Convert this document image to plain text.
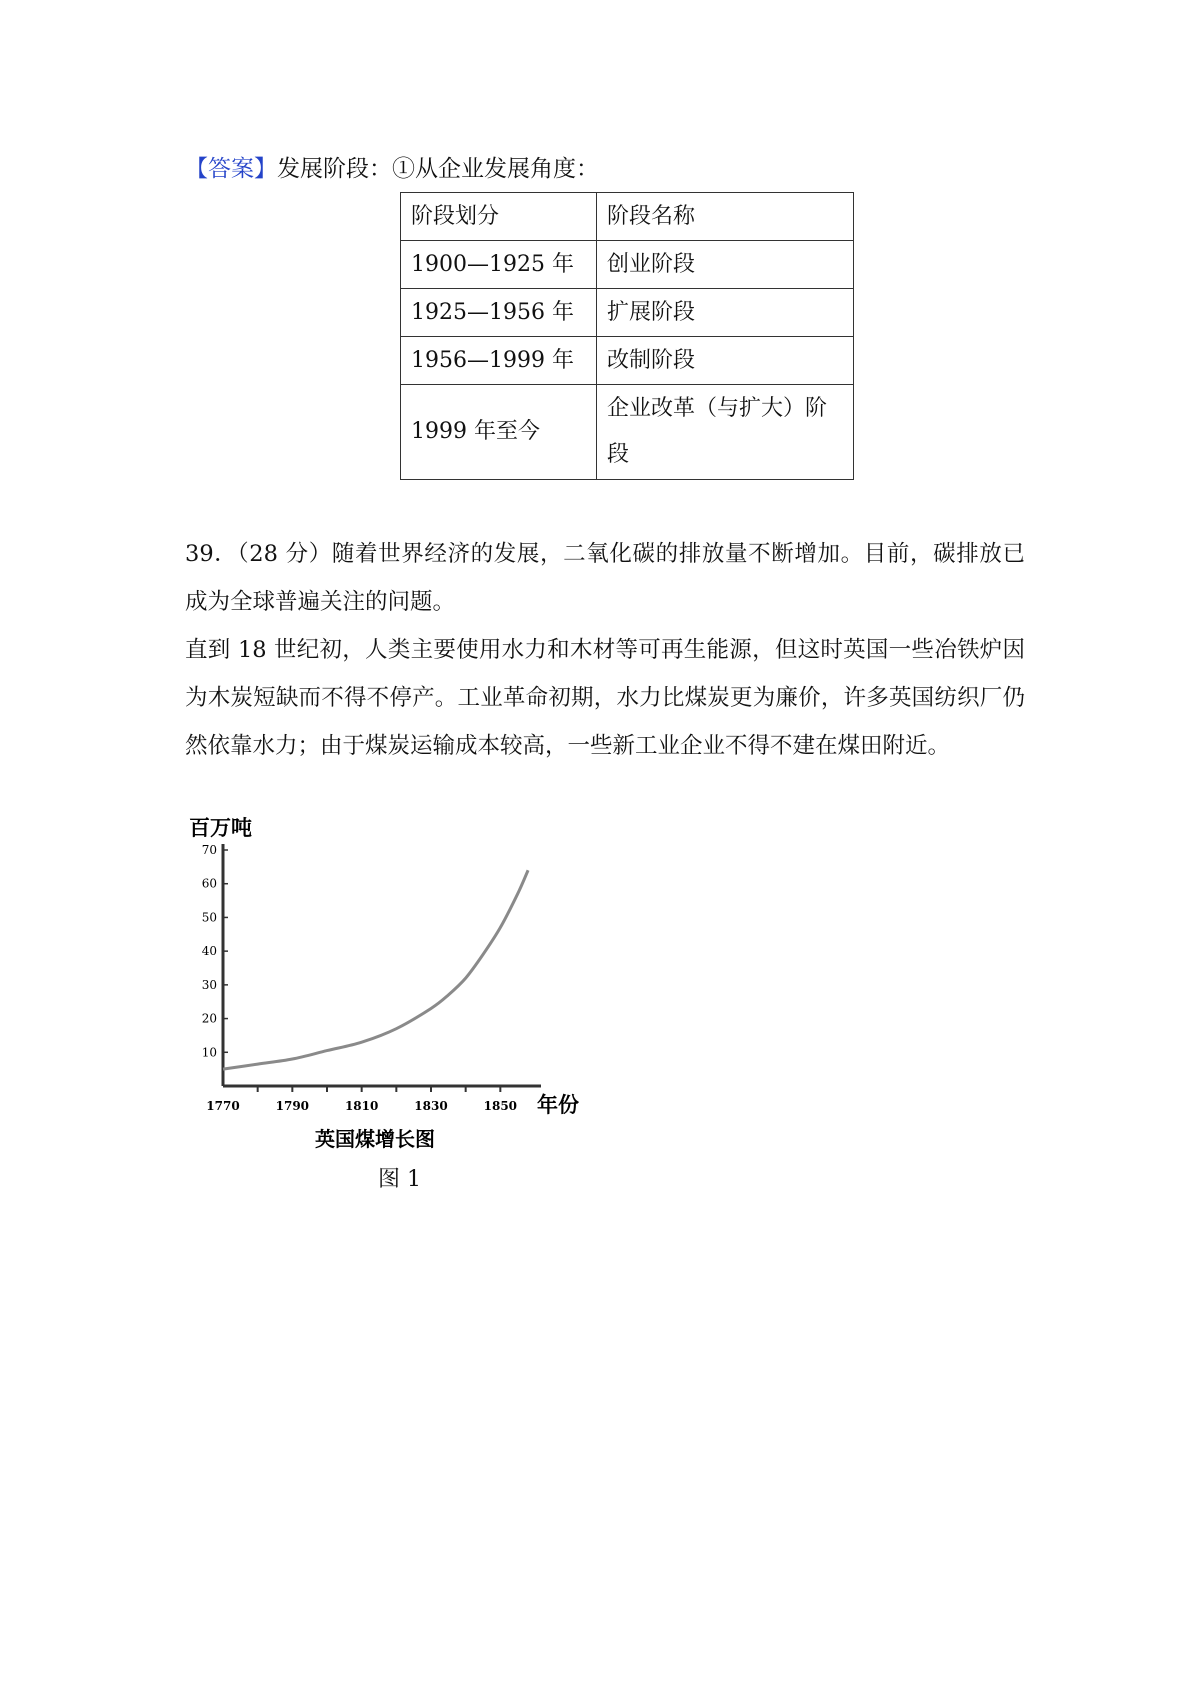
【答案】发展阶段：①从企业发展角度：
阶段划分	阶段名称
1900—1925 年	创业阶段
1925—1956 年	扩展阶段
1956—1999 年	改制阶段
1999 年至今	企业改革（与扩大）阶段

39．（28 分）随着世界经济的发展，二氧化碳的排放量不断增加。目前，碳排放已成为全球普遍关注的问题。

直到 18 世纪初，人类主要使用水力和木材等可再生能源，但这时英国一些冶铁炉因为木炭短缺而不得不停产。工业革命初期，水力比煤炭更为廉价，许多英国纺织厂仍然依靠水力；由于煤炭运输成本较高，一些新工业企业不得不建在煤田附近。

10
20
30
40
50
60
70
1770	1790	1810	1830	1850
百万吨
年份
英国煤增长图
图 1
